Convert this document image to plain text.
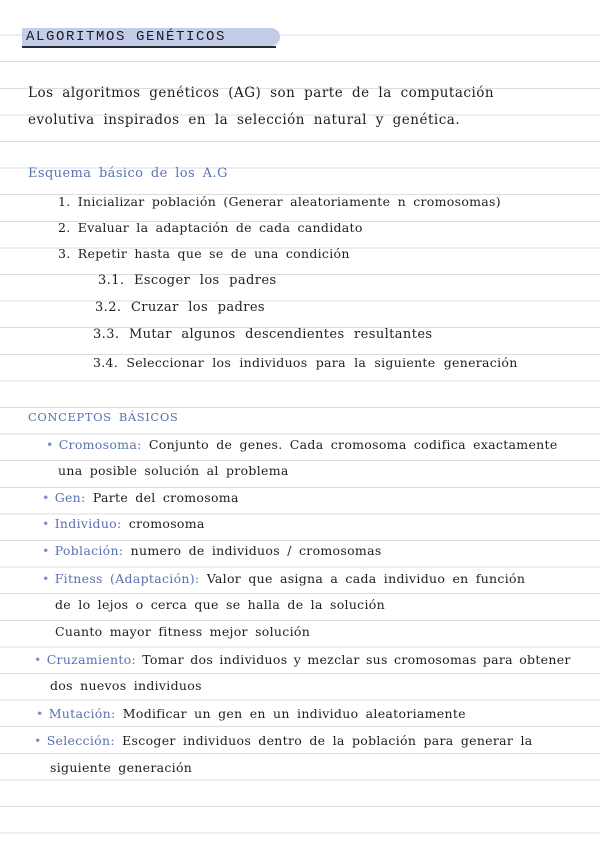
ALGORITMOS GENÉTICOS
Los algoritmos genéticos (AG) son parte de la computación
evolutiva inspirados en la selección natural y genética.
Esquema básico de los A.G
1. Inicializar población (Generar aleatoriamente n cromosomas)
2. Evaluar la adaptación de cada candidato
3. Repetir hasta que se de una condición
3.1. Escoger los padres
3.2. Cruzar los padres
3.3. Mutar algunos descendientes resultantes
3.4. Seleccionar los individuos para la siguiente generación
CONCEPTOS BÁSICOS
• Cromosoma: Conjunto de genes. Cada cromosoma codifica exactamente
una posible solución al problema
• Gen: Parte del cromosoma
• Individuo: cromosoma
• Población: numero de individuos / cromosomas
• Fitness (Adaptación): Valor que asigna a cada individuo en función
de lo lejos o cerca que se halla de la solución
Cuanto mayor fitness mejor solución
• Cruzamiento: Tomar dos individuos y mezclar sus cromosomas para obtener
dos nuevos individuos
• Mutación: Modificar un gen en un individuo aleatoriamente
• Selección: Escoger individuos dentro de la población para generar la
siguiente generación
